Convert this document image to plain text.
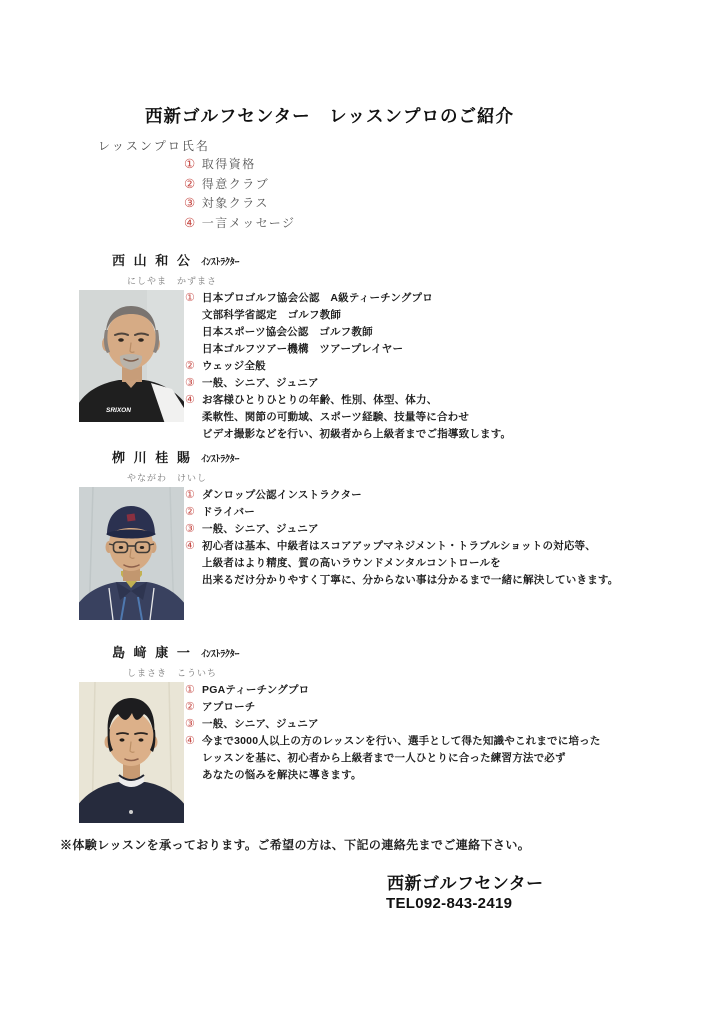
西新ゴルフセンター　レッスンプロのご紹介
レッスンプロ氏名
① 取得資格
② 得意クラブ
③ 対象クラス
④ 一言メッセージ
西 山 和 公 ｲﾝｽﾄﾗｸﾀｰ
にしやま　かずまさ
SRIXON
① 日本プロゴルフ協会公認　A級ティーチングプロ
文部科学省認定　ゴルフ教師
日本スポーツ協会公認　ゴルフ教師
日本ゴルフツアー機構　ツアープレイヤー
② ウェッジ全般
③ 一般、シニア、ジュニア
④ お客様ひとりひとりの年齢、性別、体型、体力、
柔軟性、関節の可動域、スポーツ経験、技量等に合わせ
ビデオ撮影などを行い、初級者から上級者までご指導致します。
栁 川 桂 賜 ｲﾝｽﾄﾗｸﾀｰ
やながわ　けいし
① ダンロップ公認インストラクター
② ドライバー
③ 一般、シニア、ジュニア
④ 初心者は基本、中級者はスコアアップマネジメント・トラブルショットの対応等、
上級者はより精度、質の高いラウンドメンタルコントロールを
出来るだけ分かりやすく丁寧に、分からない事は分かるまで一緒に解決していきます。
島 﨑 康 一 ｲﾝｽﾄﾗｸﾀｰ
しまさき　こういち
① PGAティーチングプロ
② アプローチ
③ 一般、シニア、ジュニア
④ 今まで3000人以上の方のレッスンを行い、選手として得た知識やこれまでに培った
レッスンを基に、初心者から上級者まで一人ひとりに合った練習方法で必ず
あなたの悩みを解決に導きます。
※体験レッスンを承っております。ご希望の方は、下記の連絡先までご連絡下さい。
西新ゴルフセンター
TEL092-843-2419
